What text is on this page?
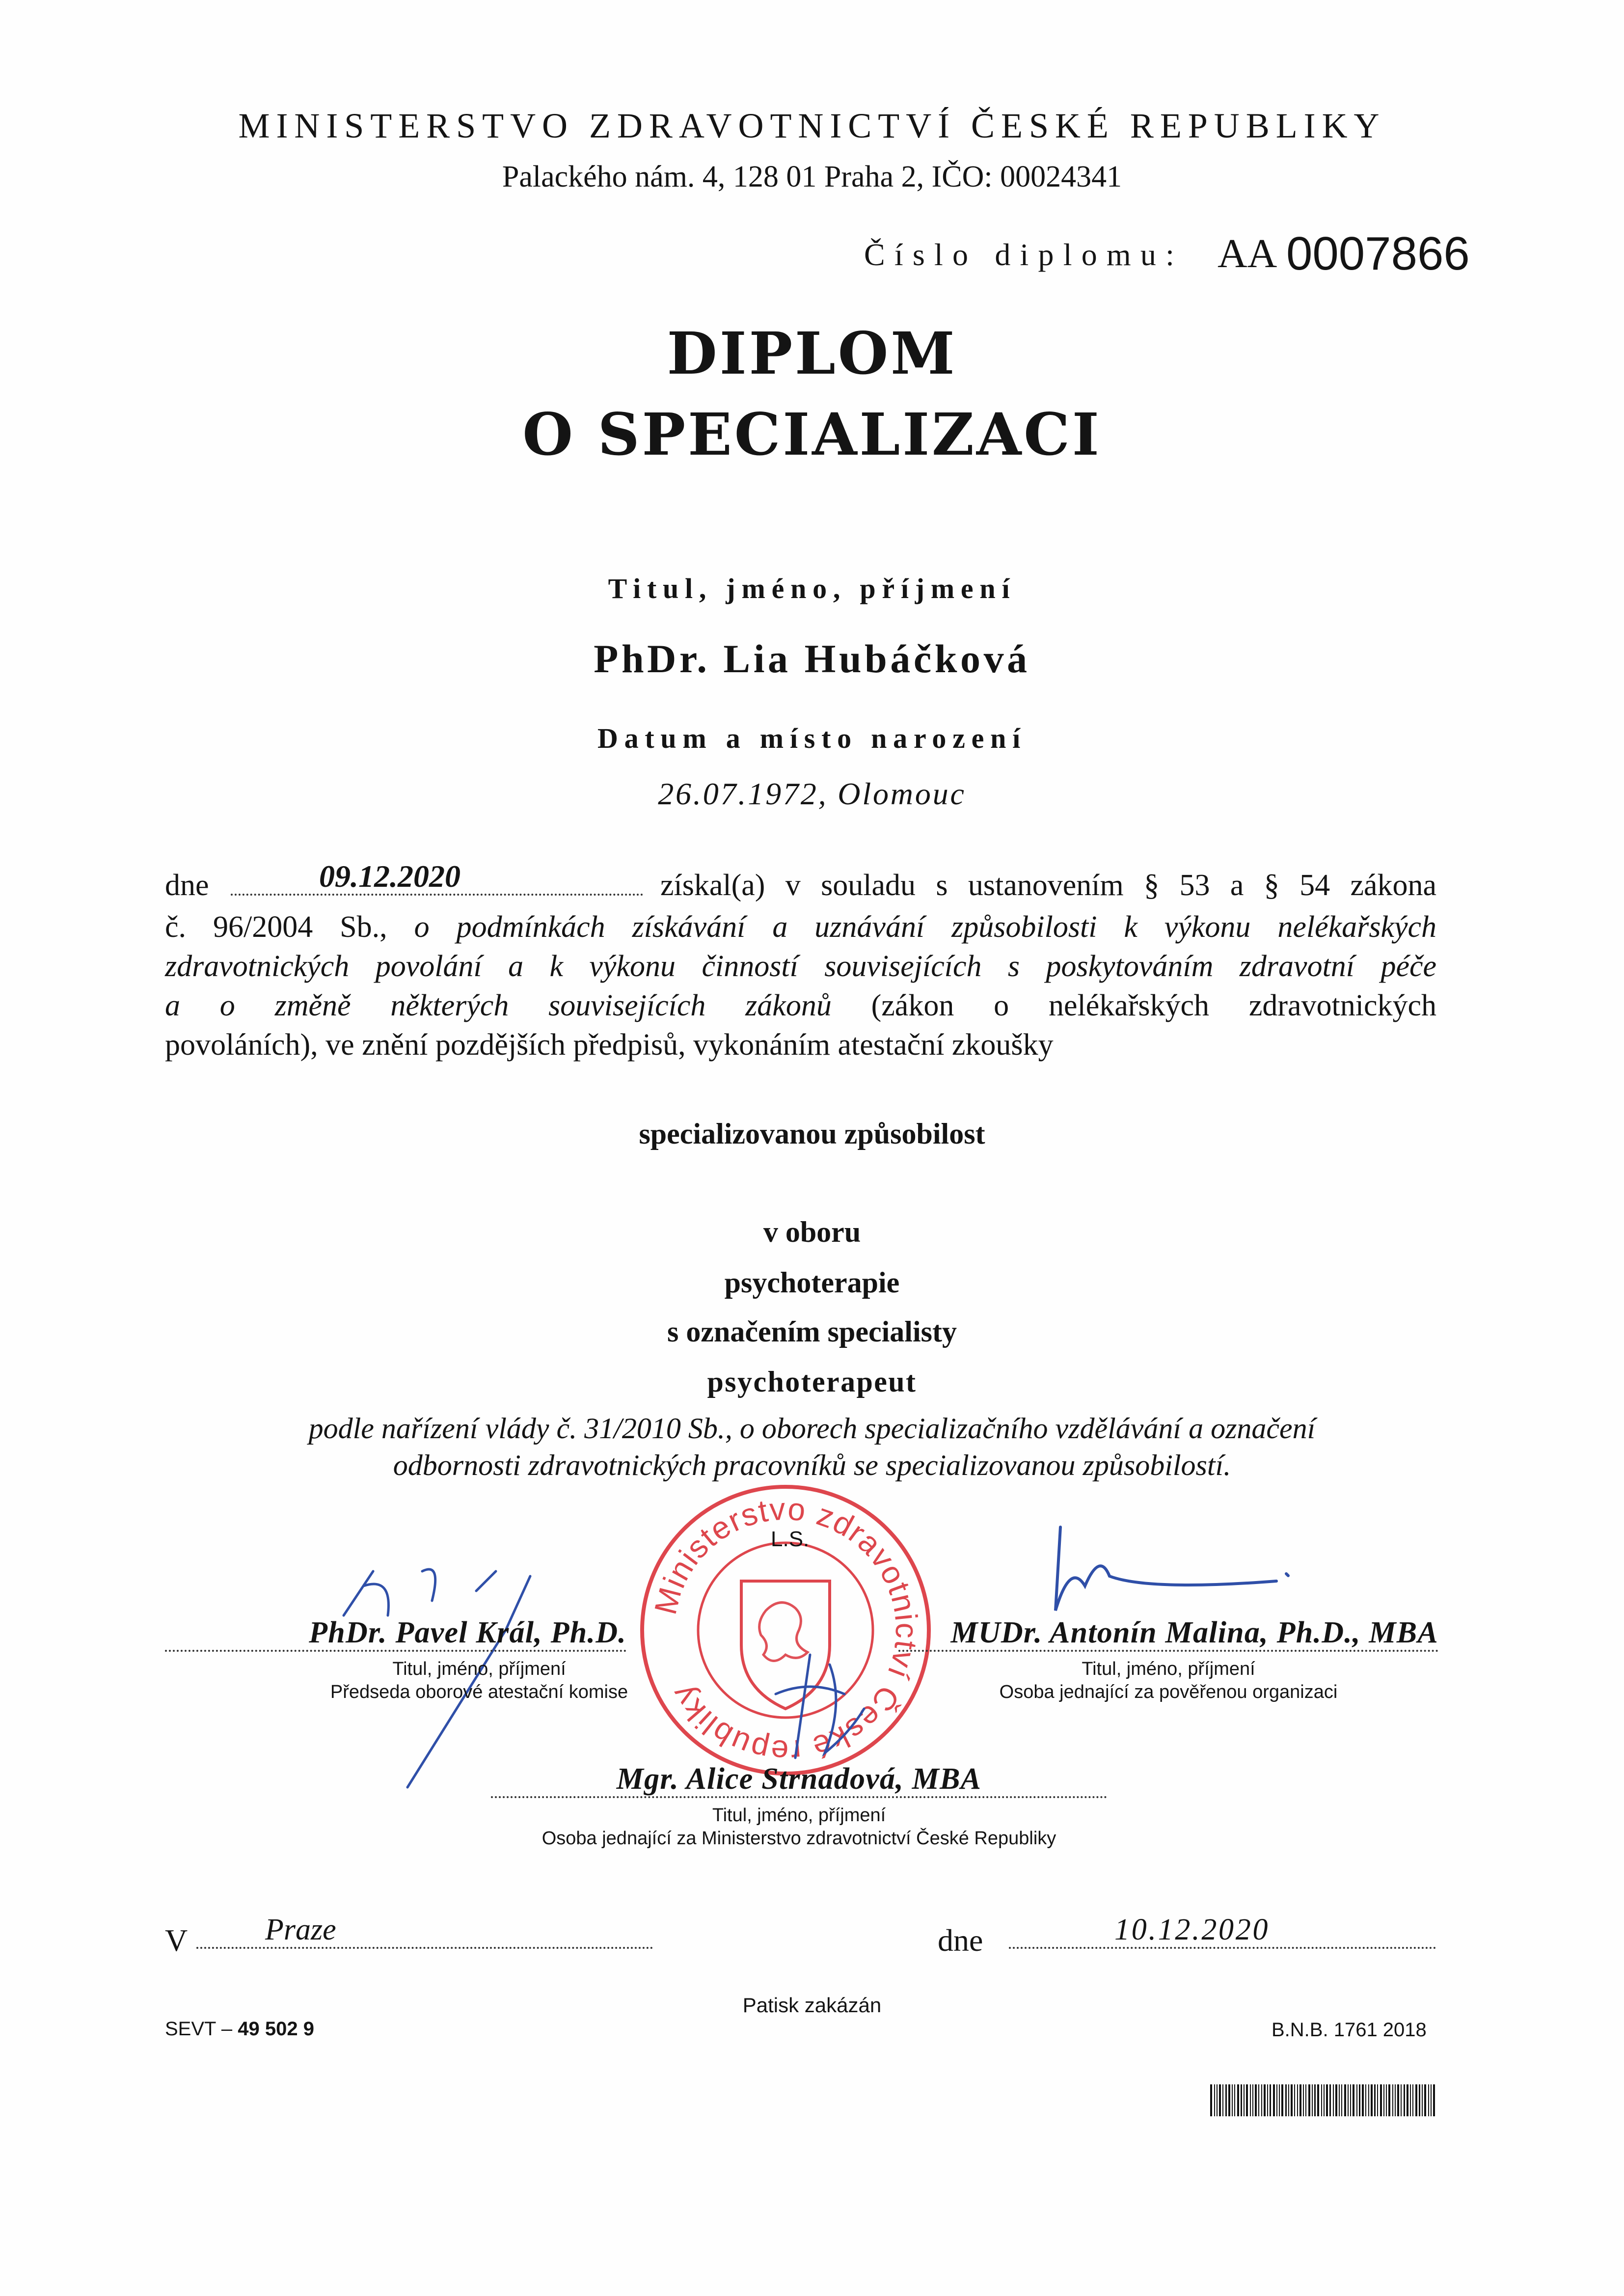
MINISTERSTVO ZDRAVOTNICTVÍ ČESKÉ REPUBLIKY
Palackého nám. 4, 128 01 Praha 2, IČO: 00024341
Číslo diplomu: AA 0007866
DIPLOM
O SPECIALIZACI
Titul, jméno, příjmení
PhDr. Lia Hubáčková
Datum a místo narození
26.07.1972, Olomouc
dne	09.12.2020	získal(a) v souladu s ustanovením § 53 a § 54 zákona
č. 96/2004 Sb., o podmínkách získávání a uznávání způsobilosti k výkonu nelékařských
zdravotnických povolání a k výkonu činností souvisejících s poskytováním zdravotní péče
a o změně některých souvisejících zákonů (zákon o nelékařských zdravotnických
povoláních), ve znění pozdějších předpisů, vykonáním atestační zkoušky
specializovanou způsobilost
v oboru
psychoterapie
s označením specialisty
psychoterapeut
podle nařízení vlády č. 31/2010 Sb., o oborech specializačního vzdělávání a označení
odbornosti zdravotnických pracovníků se specializovanou způsobilostí.
Ministerstvo zdravotnictví České republiky
L.S.
PhDr. Pavel Král, Ph.D.
Titul, jméno, příjmení
Předseda oborové atestační komise
MUDr. Antonín Malina, Ph.D., MBA
Titul, jméno, příjmení
Osoba jednající za pověřenou organizaci
Mgr. Alice Strnadová, MBA
Titul, jméno, příjmení
Osoba jednající za Ministerstvo zdravotnictví České Republiky
V	Praze	dne	10.12.2020
Patisk zakázán
SEVT – 49 502 9	B.N.B. 1761 2018
